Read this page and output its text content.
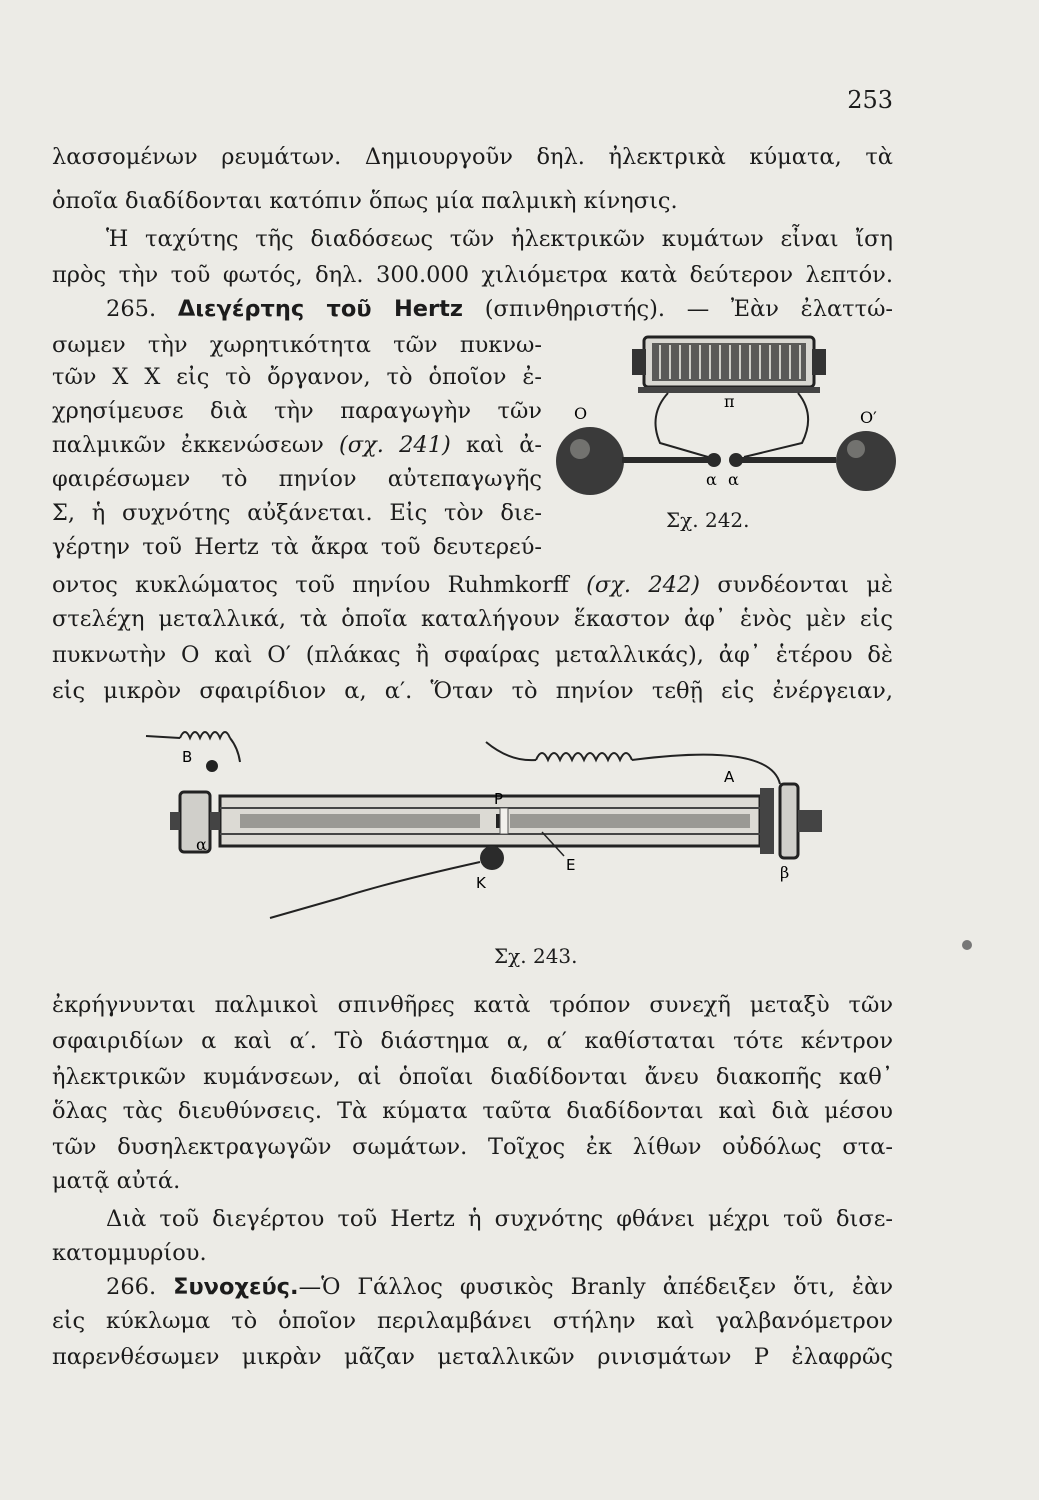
253
λασσομένων ρευμάτων. Δημιουργοῦν δηλ. ἠλεκτρικὰ κύματα, τὰ
ὁποῖα διαδίδονται κατόπιν ὅπως μία παλμικὴ κίνησις.
Ἡ ταχύτης τῆς διαδόσεως τῶν ἠλεκτρικῶν κυμάτων εἶναι ἴση
πρὸς τὴν τοῦ φωτός, δηλ. 300.000 χιλιόμετρα κατὰ δεύτερον λεπτόν.
265. Διεγέρτης τοῦ Hertz (σπινθηριστής). — Ἐὰν ἐλαττώ-
σωμεν τὴν χωρητικότητα τῶν πυκνω-
τῶν X X εἰς τὸ ὄργανον, τὸ ὁποῖον ἐ-
χρησίμευσε διὰ τὴν παραγωγὴν τῶν
παλμικῶν ἐκκενώσεων (σχ. 241) καὶ ἀ-
φαιρέσωμεν τὸ πηνίον αὐτεπαγωγῆς
Σ, ἡ συχνότης αὐξάνεται. Εἰς τὸν διε-
γέρτην τοῦ Hertz τὰ ἄκρα τοῦ δευτερεύ-
οντος κυκλώματος τοῦ πηνίου Ruhmkorff (σχ. 242) συνδέονται μὲ
στελέχη μεταλλικά, τὰ ὁποῖα καταλήγουν ἕκαστον ἀφ᾿ ἑνὸς μὲν εἰς
πυκνωτὴν Ο καὶ Ο′ (πλάκας ἢ σφαίρας μεταλλικάς), ἀφ᾿ ἑτέρου δὲ
εἰς μικρὸν σφαιρίδιον α, α′. Ὅταν τὸ πηνίον τεθῇ εἰς ἐνέργειαν,
π
O	O′
α α
Σχ. 242.
B
A
K
P
E
α
β
Σχ. 243.
ἐκρήγνυνται παλμικοὶ σπινθῆρες κατὰ τρόπον συνεχῆ μεταξὺ τῶν
σφαιριδίων α καὶ α′. Τὸ διάστημα α, α′ καθίσταται τότε κέντρον
ἠλεκτρικῶν κυμάνσεων, αἱ ὁποῖαι διαδίδονται ἄνευ διακοπῆς καθ᾿
ὅλας τὰς διευθύνσεις. Τὰ κύματα ταῦτα διαδίδονται καὶ διὰ μέσου
τῶν δυσηλεκτραγωγῶν σωμάτων. Τοῖχος ἐκ λίθων οὐδόλως στα-
ματᾷ αὐτά.
Διὰ τοῦ διεγέρτου τοῦ Hertz ἡ συχνότης φθάνει μέχρι τοῦ δισε-
κατομμυρίου.
266. Συνοχεύς.—Ὁ Γάλλος φυσικὸς Branly ἀπέδειξεν ὅτι, ἐὰν
εἰς κύκλωμα τὸ ὁποῖον περιλαμβάνει στήλην καὶ γαλβανόμετρον
παρενθέσωμεν μικρὰν μᾶζαν μεταλλικῶν ρινισμάτων Ρ ἐλαφρῶς
